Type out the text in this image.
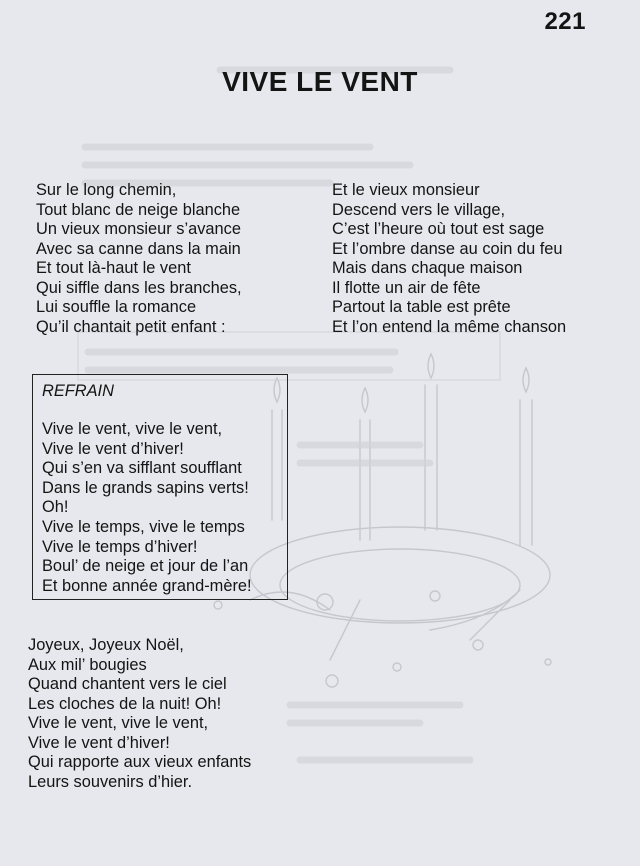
221
VIVE LE VENT
Sur le long chemin,
Tout blanc de neige blanche
Un vieux monsieur s’avance
Avec sa canne dans la main
Et tout là-haut le vent
Qui siffle dans les branches,
Lui souffle la romance
Qu’il chantait petit enfant :
Et le vieux monsieur
Descend vers le village,
C’est l’heure où tout est sage
Et l’ombre danse au coin du feu
Mais dans chaque maison
Il flotte un air de fête
Partout la table est prête
Et l’on entend la même chanson
REFRAIN
Vive le vent, vive le vent,
Vive le vent d’hiver!
Qui s’en va sifflant soufflant
Dans le grands sapins verts!
Oh!
Vive le temps, vive le temps
Vive le temps d’hiver!
Boul’ de neige et jour de l’an
Et bonne année grand-mère!
Joyeux, Joyeux Noël,
Aux mil’ bougies
Quand chantent vers le ciel
Les cloches de la nuit! Oh!
Vive le vent, vive le vent,
Vive le vent d’hiver!
Qui rapporte aux vieux enfants
Leurs souvenirs d’hier.
